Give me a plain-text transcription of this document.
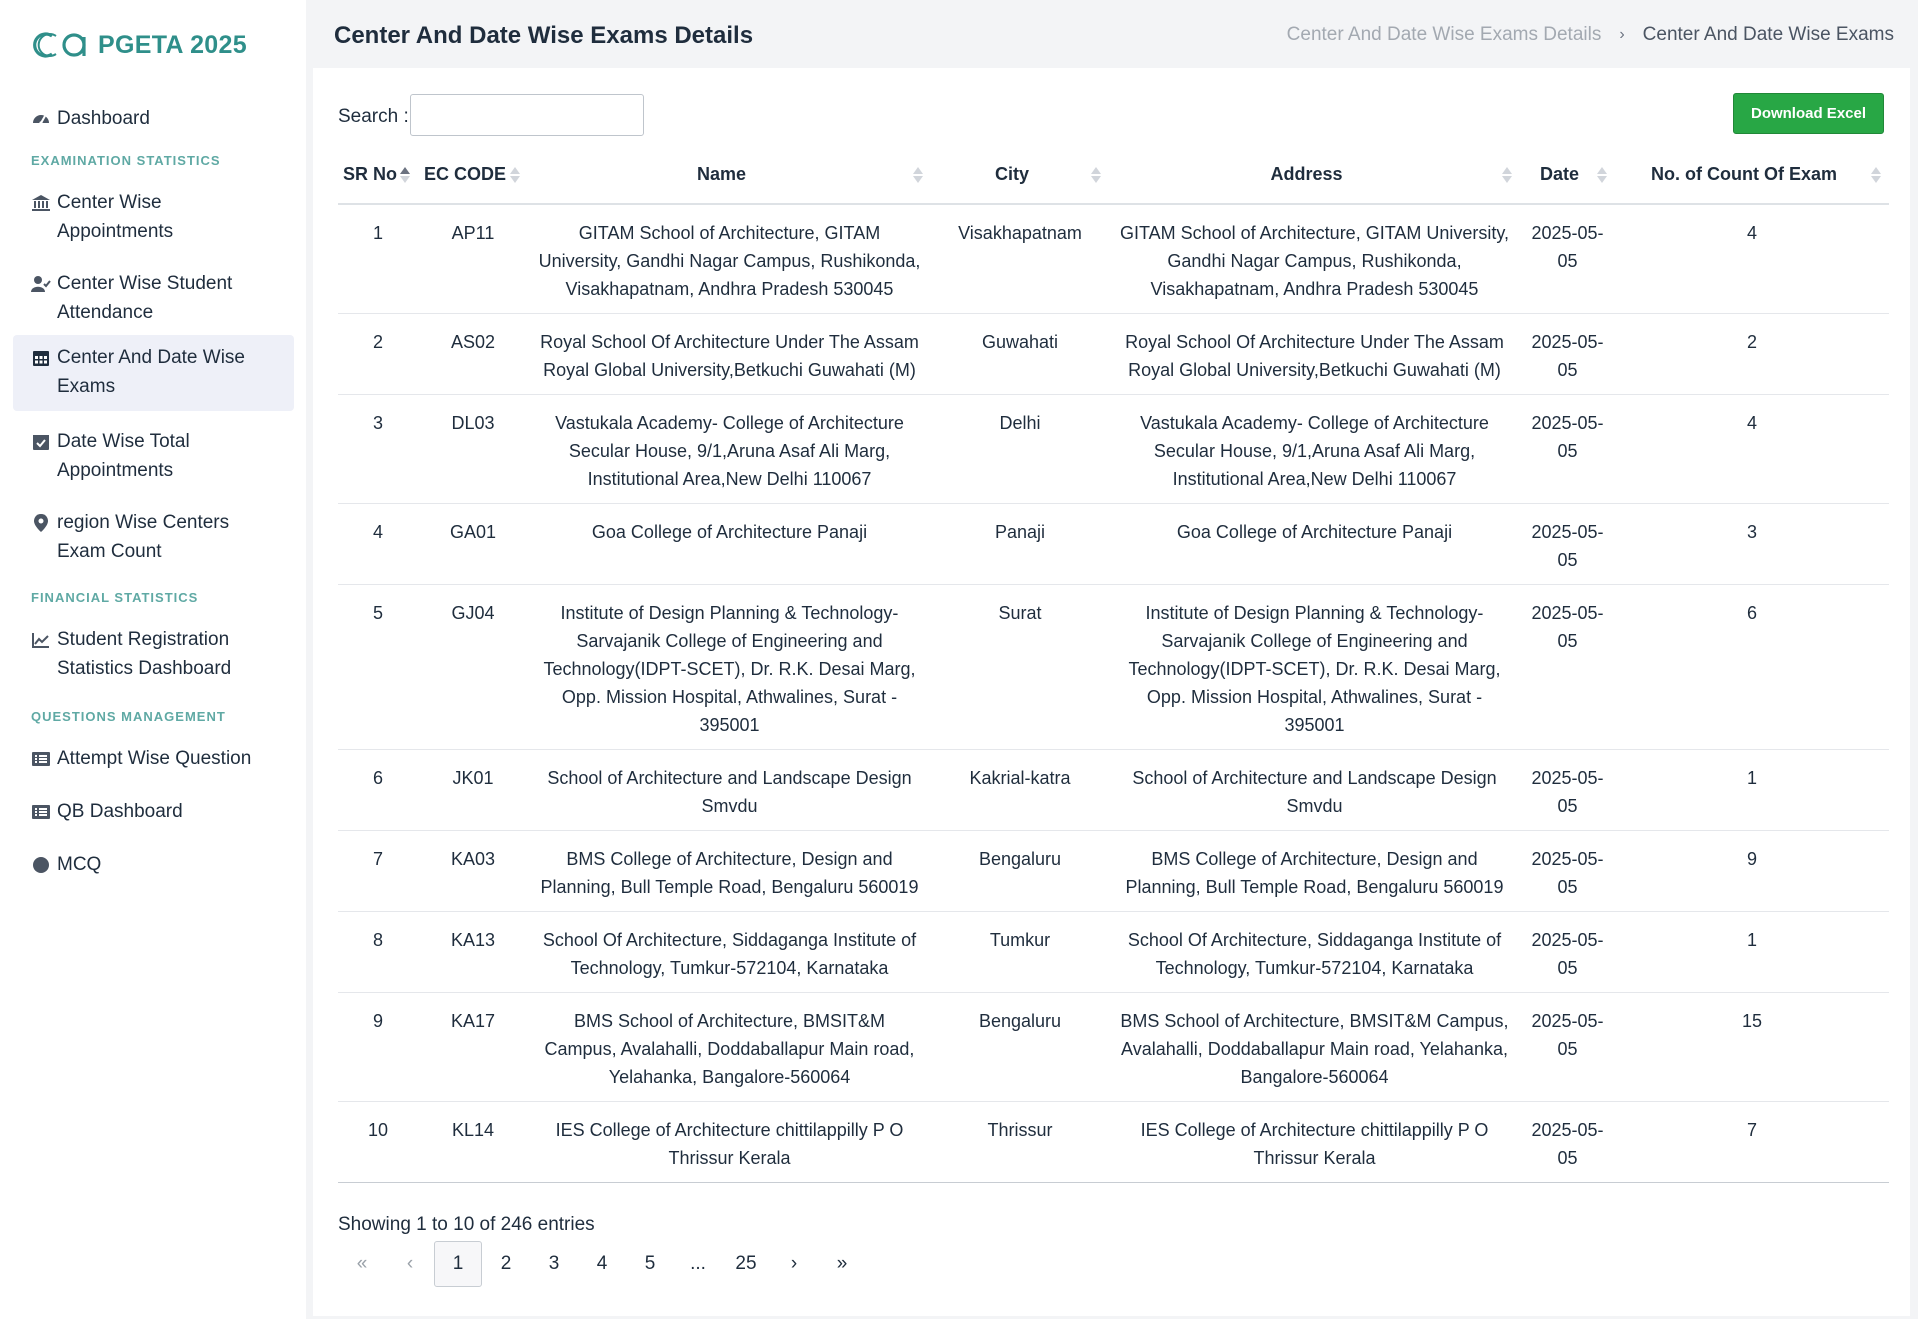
PGETA 2025
Dashboard
EXAMINATION STATISTICS
Center Wise Appointments
Center Wise Student Attendance
Center And Date Wise Exams
Date Wise Total Appointments
region Wise Centers Exam Count
FINANCIAL STATISTICS
Student Registration Statistics Dashboard
QUESTIONS MANAGEMENT
Attempt Wise Question
QB Dashboard
MCQ
Center And Date Wise Exams Details	Center And Date Wise Exams Details › Center And Date Wise Exams
Search :	Download Excel
SR No	EC CODE	Name	City	Address	Date	No. of Count Of Exam

1	AP11	GITAM School of Architecture, GITAM University, Gandhi Nagar Campus, Rushikonda, Visakhapatnam, Andhra Pradesh 530045	Visakhapatnam	GITAM School of Architecture, GITAM University, Gandhi Nagar Campus, Rushikonda, Visakhapatnam, Andhra Pradesh 530045	2025-05-05	4
2	AS02	Royal School Of Architecture Under The Assam Royal Global University,Betkuchi Guwahati (M)	Guwahati	Royal School Of Architecture Under The Assam Royal Global University,Betkuchi Guwahati (M)	2025-05-05	2
3	DL03	Vastukala Academy- College of Architecture Secular House, 9/1,Aruna Asaf Ali Marg, Institutional Area,New Delhi 110067	Delhi	Vastukala Academy- College of Architecture Secular House, 9/1,Aruna Asaf Ali Marg, Institutional Area,New Delhi 110067	2025-05-05	4
4	GA01	Goa College of Architecture Panaji	Panaji	Goa College of Architecture Panaji	2025-05-05	3
5	GJ04	Institute of Design Planning & Technology- Sarvajanik College of Engineering and Technology(IDPT-SCET), Dr. R.K. Desai Marg, Opp. Mission Hospital, Athwalines, Surat - 395001	Surat	Institute of Design Planning & Technology- Sarvajanik College of Engineering and Technology(IDPT-SCET), Dr. R.K. Desai Marg, Opp. Mission Hospital, Athwalines, Surat - 395001	2025-05-05	6
6	JK01	School of Architecture and Landscape Design Smvdu	Kakrial-katra	School of Architecture and Landscape Design Smvdu	2025-05-05	1
7	KA03	BMS College of Architecture, Design and Planning, Bull Temple Road, Bengaluru 560019	Bengaluru	BMS College of Architecture, Design and Planning, Bull Temple Road, Bengaluru 560019	2025-05-05	9
8	KA13	School Of Architecture, Siddaganga Institute of Technology, Tumkur-572104, Karnataka	Tumkur	School Of Architecture, Siddaganga Institute of Technology, Tumkur-572104, Karnataka	2025-05-05	1
9	KA17	BMS School of Architecture, BMSIT&M Campus, Avalahalli, Doddaballapur Main road, Yelahanka, Bangalore-560064	Bengaluru	BMS School of Architecture, BMSIT&M Campus, Avalahalli, Doddaballapur Main road, Yelahanka, Bangalore-560064	2025-05-05	15
10	KL14	IES College of Architecture chittilappilly P O Thrissur Kerala	Thrissur	IES College of Architecture chittilappilly P O Thrissur Kerala	2025-05-05	7
Showing 1 to 10 of 246 entries
«	‹	1	2	3	4	5	...	25	›	»
